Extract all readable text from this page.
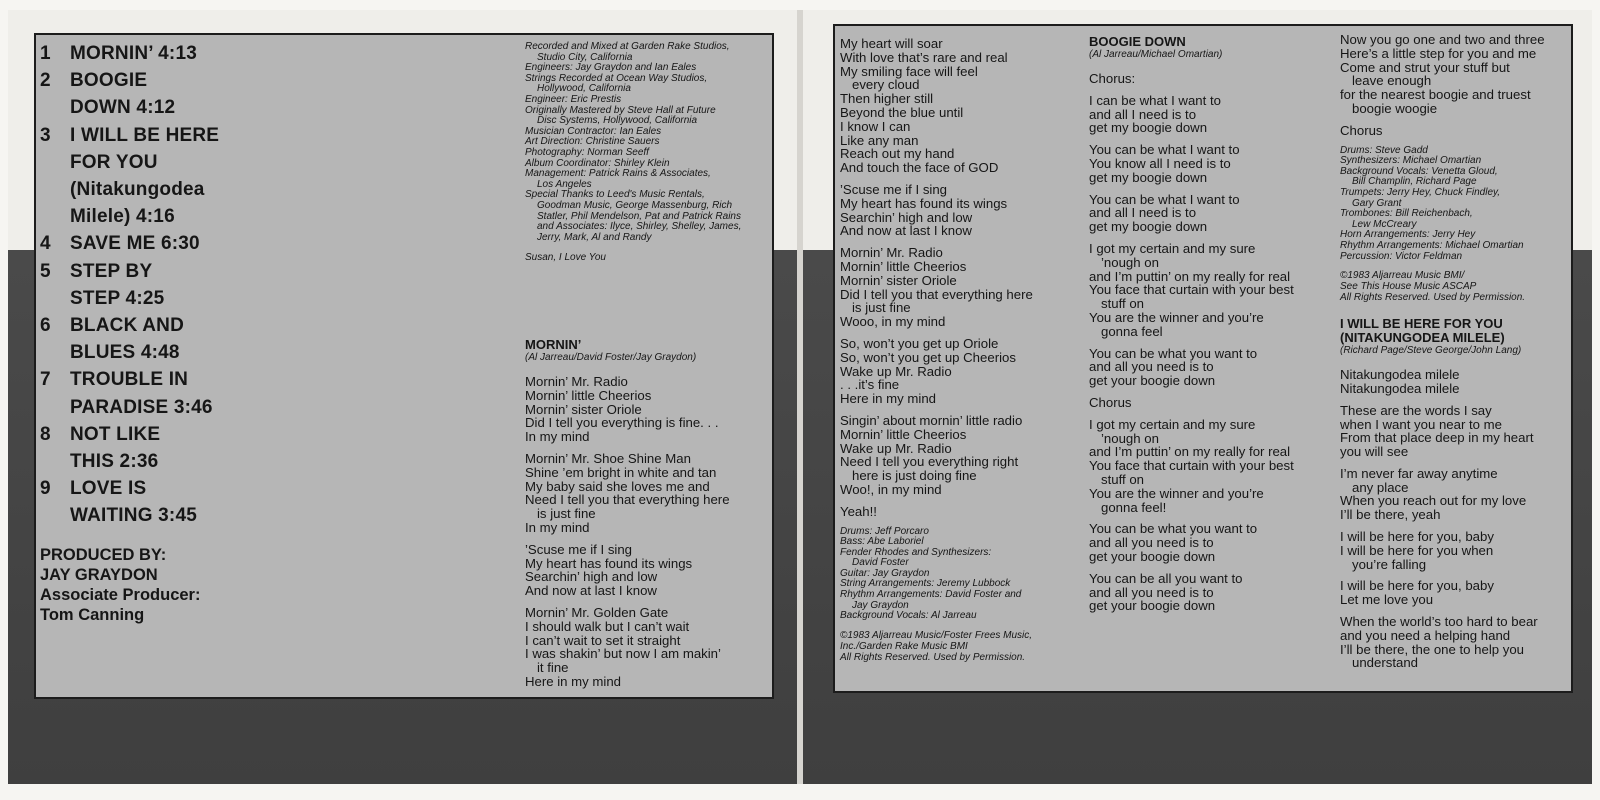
1	MORNIN’ 4:13
2	BOOGIE
DOWN 4:12
3	I WILL BE HERE
FOR YOU
(Nitakungodea
Milele) 4:16
4	SAVE ME 6:30
5	STEP BY
STEP 4:25
6	BLACK AND
BLUES 4:48
7	TROUBLE IN
PARADISE 3:46
8	NOT LIKE
THIS 2:36
9	LOVE IS
WAITING 3:45
PRODUCED BY:
JAY GRAYDON
Associate Producer:
Tom Canning
Recorded and Mixed at Garden Rake Studios,
Studio City, California
Engineers: Jay Graydon and Ian Eales
Strings Recorded at Ocean Way Studios,
Hollywood, California
Engineer: Eric Prestis
Originally Mastered by Steve Hall at Future
Disc Systems, Hollywood, California
Musician Contractor: Ian Eales
Art Direction: Christine Sauers
Photography: Norman Seeff
Album Coordinator: Shirley Klein
Management: Patrick Rains & Associates,
Los Angeles
Special Thanks to Leed's Music Rentals,
Goodman Music, George Massenburg, Rich
Statler, Phil Mendelson, Pat and Patrick Rains
and Associates: Ilyce, Shirley, Shelley, James,
Jerry, Mark, Al and Randy
Susan, I Love You
MORNIN’
(Al Jarreau/David Foster/Jay Graydon)
Mornin’ Mr. Radio
Mornin’ little Cheerios
Mornin’ sister Oriole
Did I tell you everything is fine. . .
In my mind
Mornin’ Mr. Shoe Shine Man
Shine ’em bright in white and tan
My baby said she loves me and
Need I tell you that everything here
is just fine
In my mind
’Scuse me if I sing
My heart has found its wings
Searchin’ high and low
And now at last I know
Mornin’ Mr. Golden Gate
I should walk but I can’t wait
I can’t wait to set it straight
I was shakin’ but now I am makin’
it fine
Here in my mind
My heart will soar
With love that’s rare and real
My smiling face will feel
every cloud
Then higher still
Beyond the blue until
I know I can
Like any man
Reach out my hand
And touch the face of GOD
’Scuse me if I sing
My heart has found its wings
Searchin’ high and low
And now at last I know
Mornin’ Mr. Radio
Mornin’ little Cheerios
Mornin’ sister Oriole
Did I tell you that everything here
is just fine
Wooo, in my mind
So, won’t you get up Oriole
So, won’t you get up Cheerios
Wake up Mr. Radio
. . .it’s fine
Here in my mind
Singin’ about mornin’ little radio
Mornin’ little Cheerios
Wake up Mr. Radio
Need I tell you everything right
here is just doing fine
Woo!, in my mind
Yeah!!
Drums: Jeff Porcaro
Bass: Abe Laboriel
Fender Rhodes and Synthesizers:
David Foster
Guitar: Jay Graydon
String Arrangements: Jeremy Lubbock
Rhythm Arrangements: David Foster and
Jay Graydon
Background Vocals: Al Jarreau
©1983 Aljarreau Music/Foster Frees Music,
Inc./Garden Rake Music BMI
All Rights Reserved. Used by Permission.
BOOGIE DOWN
(Al Jarreau/Michael Omartian)
Chorus:
I can be what I want to
and all I need is to
get my boogie down
You can be what I want to
You know all I need is to
get my boogie down
You can be what I want to
and all I need is to
get my boogie down
I got my certain and my sure
’nough on
and I’m puttin’ on my really for real
You face that curtain with your best
stuff on
You are the winner and you’re
gonna feel
You can be what you want to
and all you need is to
get your boogie down
Chorus
I got my certain and my sure
’nough on
and I’m puttin’ on my really for real
You face that curtain with your best
stuff on
You are the winner and you’re
gonna feel!
You can be what you want to
and all you need is to
get your boogie down
You can be all you want to
and all you need is to
get your boogie down
Now you go one and two and three
Here’s a little step for you and me
Come and strut your stuff but
leave enough
for the nearest boogie and truest
boogie woogie
Chorus
Drums: Steve Gadd
Synthesizers: Michael Omartian
Background Vocals: Venetta Gloud,
Bill Champlin, Richard Page
Trumpets: Jerry Hey, Chuck Findley,
Gary Grant
Trombones: Bill Reichenbach,
Lew McCreary
Horn Arrangements: Jerry Hey
Rhythm Arrangements: Michael Omartian
Percussion: Victor Feldman
©1983 Aljarreau Music BMI/
See This House Music ASCAP
All Rights Reserved. Used by Permission.
I WILL BE HERE FOR YOU
(NITAKUNGODEA MILELE)
(Richard Page/Steve George/John Lang)
Nitakungodea milele
Nitakungodea milele
These are the words I say
when I want you near to me
From that place deep in my heart
you will see
I’m never far away anytime
any place
When you reach out for my love
I’ll be there, yeah
I will be here for you, baby
I will be here for you when
you’re falling
I will be here for you, baby
Let me love you
When the world’s too hard to bear
and you need a helping hand
I’ll be there, the one to help you
understand
